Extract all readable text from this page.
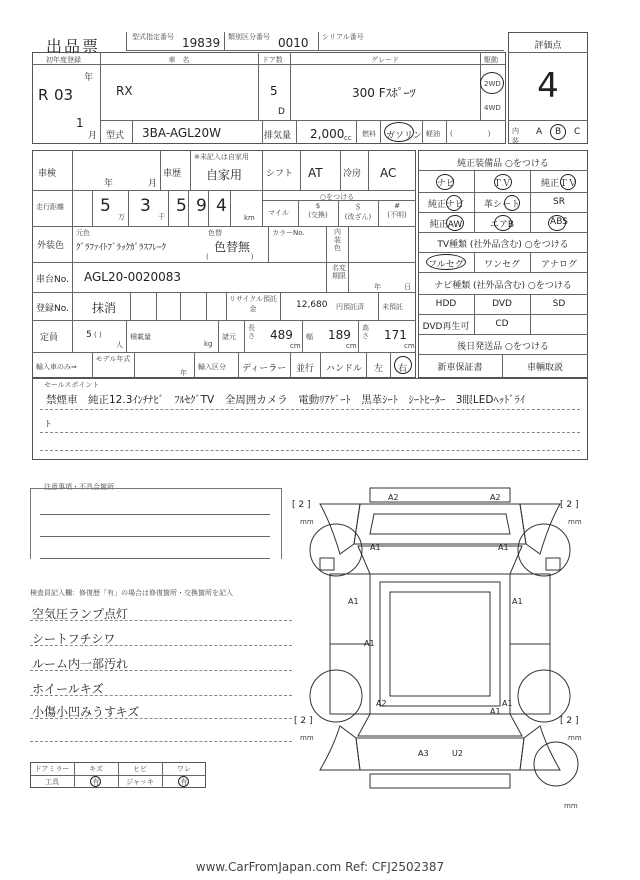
出品票	型式指定番号 19839 類別区分番号 0010 シリアル番号
評価点
4
内装
A B C
初年度登録
R 03
年
1
月
車　名
RX
ドア数
5
D
グレード
300 Fｽﾎﾟｰﾂ
駆動
2WD
4WD
型式 3BA-AGL20W	排気量 2,000 cc 燃料 ガソリン 軽油 (　　　　　)
車検
年	月
※未記入は自家用
車歴 自家用	シフト AT 冷房 AC
走行距離 5
万
3
千
5 9 4
km
○をつける
マイル
$
(交換)
＄
(改ざん)
#
(不明)
外装色
元色
ｸﾞﾗﾌｧｲﾄﾌﾞﾗｯｸｶﾞﾗｽﾌﾚｰｸ
色替
色替無
(　　　　　　)
カラーNo.	内装色
車台No. AGL20-0020083
名変期限
年	日
登録No. 抹消
リサイクル預託金	12,680 円預託済	未預託
定員	5 ( )
人
積載量
kg
諸元
長さ 489
cm
幅 189
cm
高さ 171
cm
輸入車のみ⇒
モデル年式
年
輸入区分 ディーラー 並行 ハンドル 左 右
純正装備品 ○をつける
ナビ	ＴＶ	純正ＴＶ
純正ナビ	革シート	SR
純正AW	エアB	ABS
TV種類 (社外品含む) ○をつける
フルセグ	ワンセグ	アナログ
ナビ種類 (社外品含む) ○をつける
HDD	DVD	SD
DVD再生可	CD
後日発送品 ○をつける
新車保証書	車輌取説
セールスポイント
禁煙車　純正12.3ｲﾝﾁﾅﾋﾞ　ﾌﾙｾｸﾞTV　全周囲カメラ　電動ﾘｱｹﾞｰﾄ　黒革ｼｰﾄ　ｼｰﾄﾋｰﾀｰ　3眼LEDﾍｯﾄﾞﾗｲ
ﾄ
注意事項・不具合箇所
検査員記入欄：修復歴「有」の場合は修復箇所・交換箇所を記入
空気圧ランプ点灯
シートフチシワ
ルーム内一部汚れ
ホイールキズ
小傷小凹みうすキズ
ドアミラー	キズ	ヒビ	ワレ
工具	有	ジャッキ	有
A2	A2
A1	A1
A1	A1
A1
A1
A2
A1
A3	U2
[ 2 ]
mm
[ 2 ]
mm
[ 2 ]
mm
[ 2 ]
mm
mm
www.CarFromJapan.com Ref: CFJ2502387
